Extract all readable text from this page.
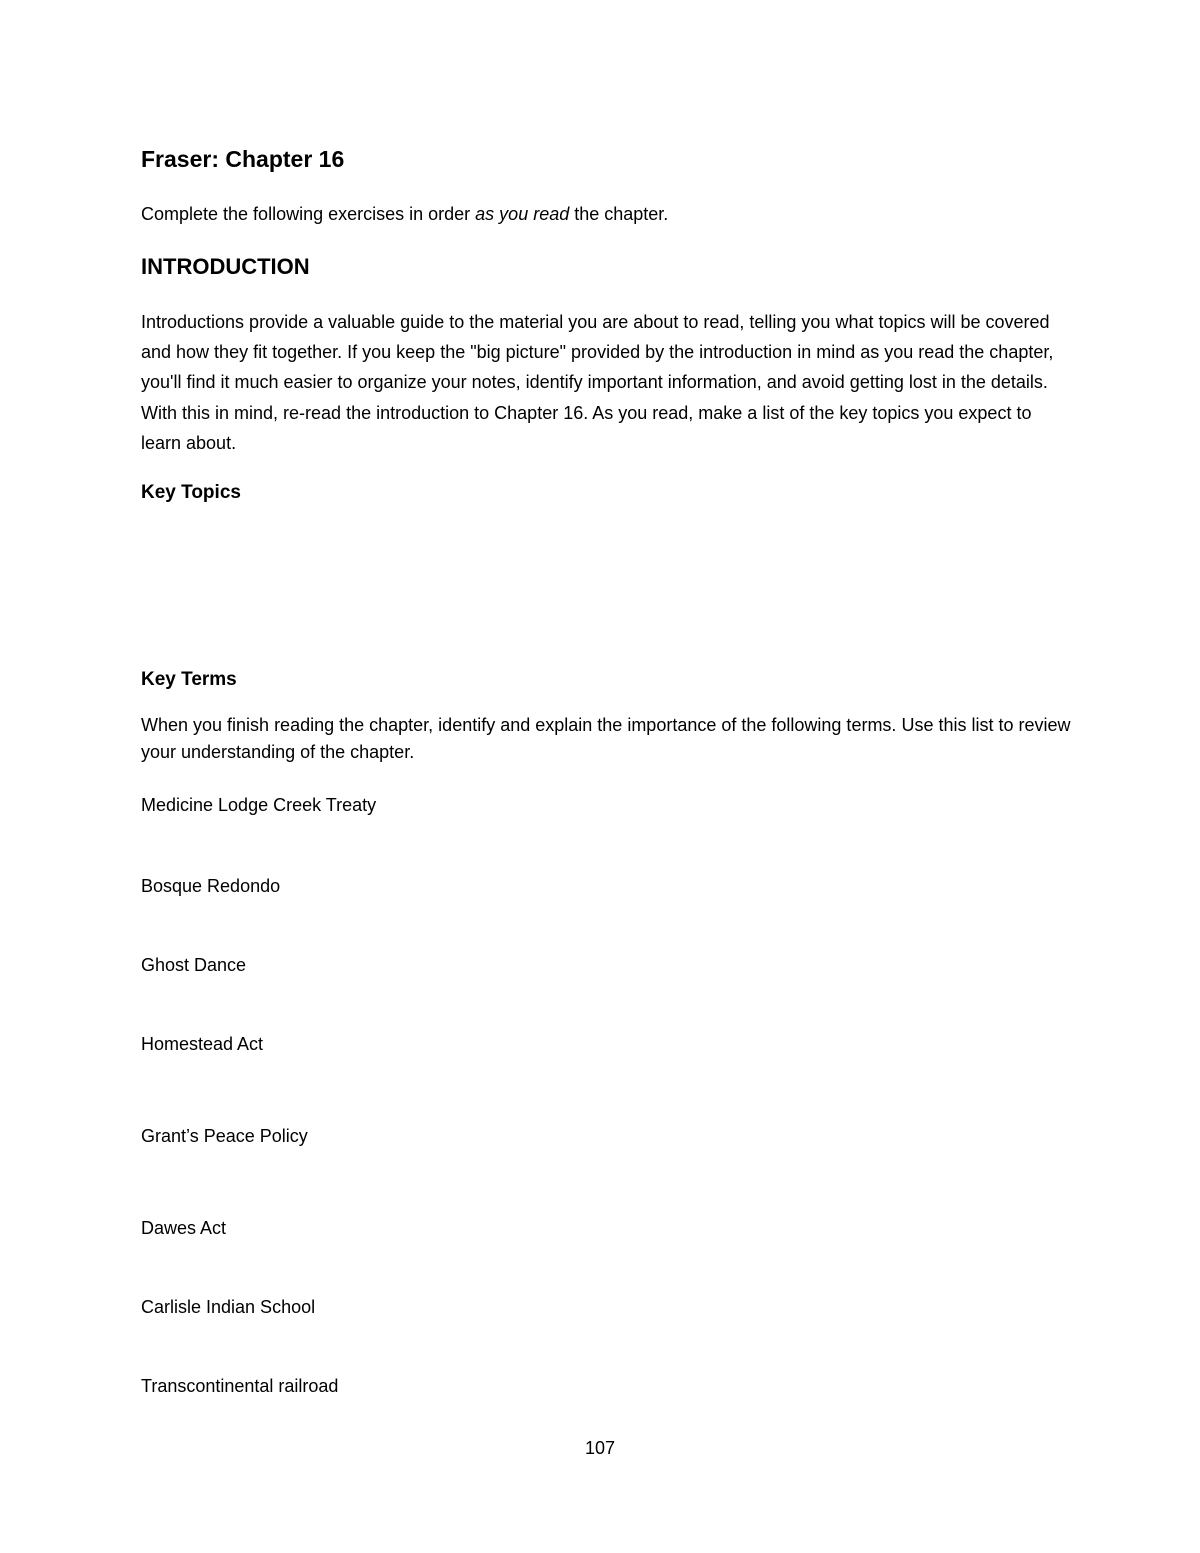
Fraser: Chapter 16

Complete the following exercises in order as you read the chapter.

INTRODUCTION

Introductions provide a valuable guide to the material you are about to read, telling you what topics will be covered and how they fit together. If you keep the "big picture" provided by the introduction in mind as you read the chapter, you'll find it much easier to organize your notes, identify important information, and avoid getting lost in the details. With this in mind, re-read the introduction to Chapter 16. As you read, make a list of the key topics you expect to learn about.

Key Topics
Key Terms

When you finish reading the chapter, identify and explain the importance of the following terms. Use this list to review your understanding of the chapter.

Medicine Lodge Creek Treaty
Bosque Redondo
Ghost Dance
Homestead Act
Grant’s Peace Policy
Dawes Act
Carlisle Indian School
Transcontinental railroad
107
